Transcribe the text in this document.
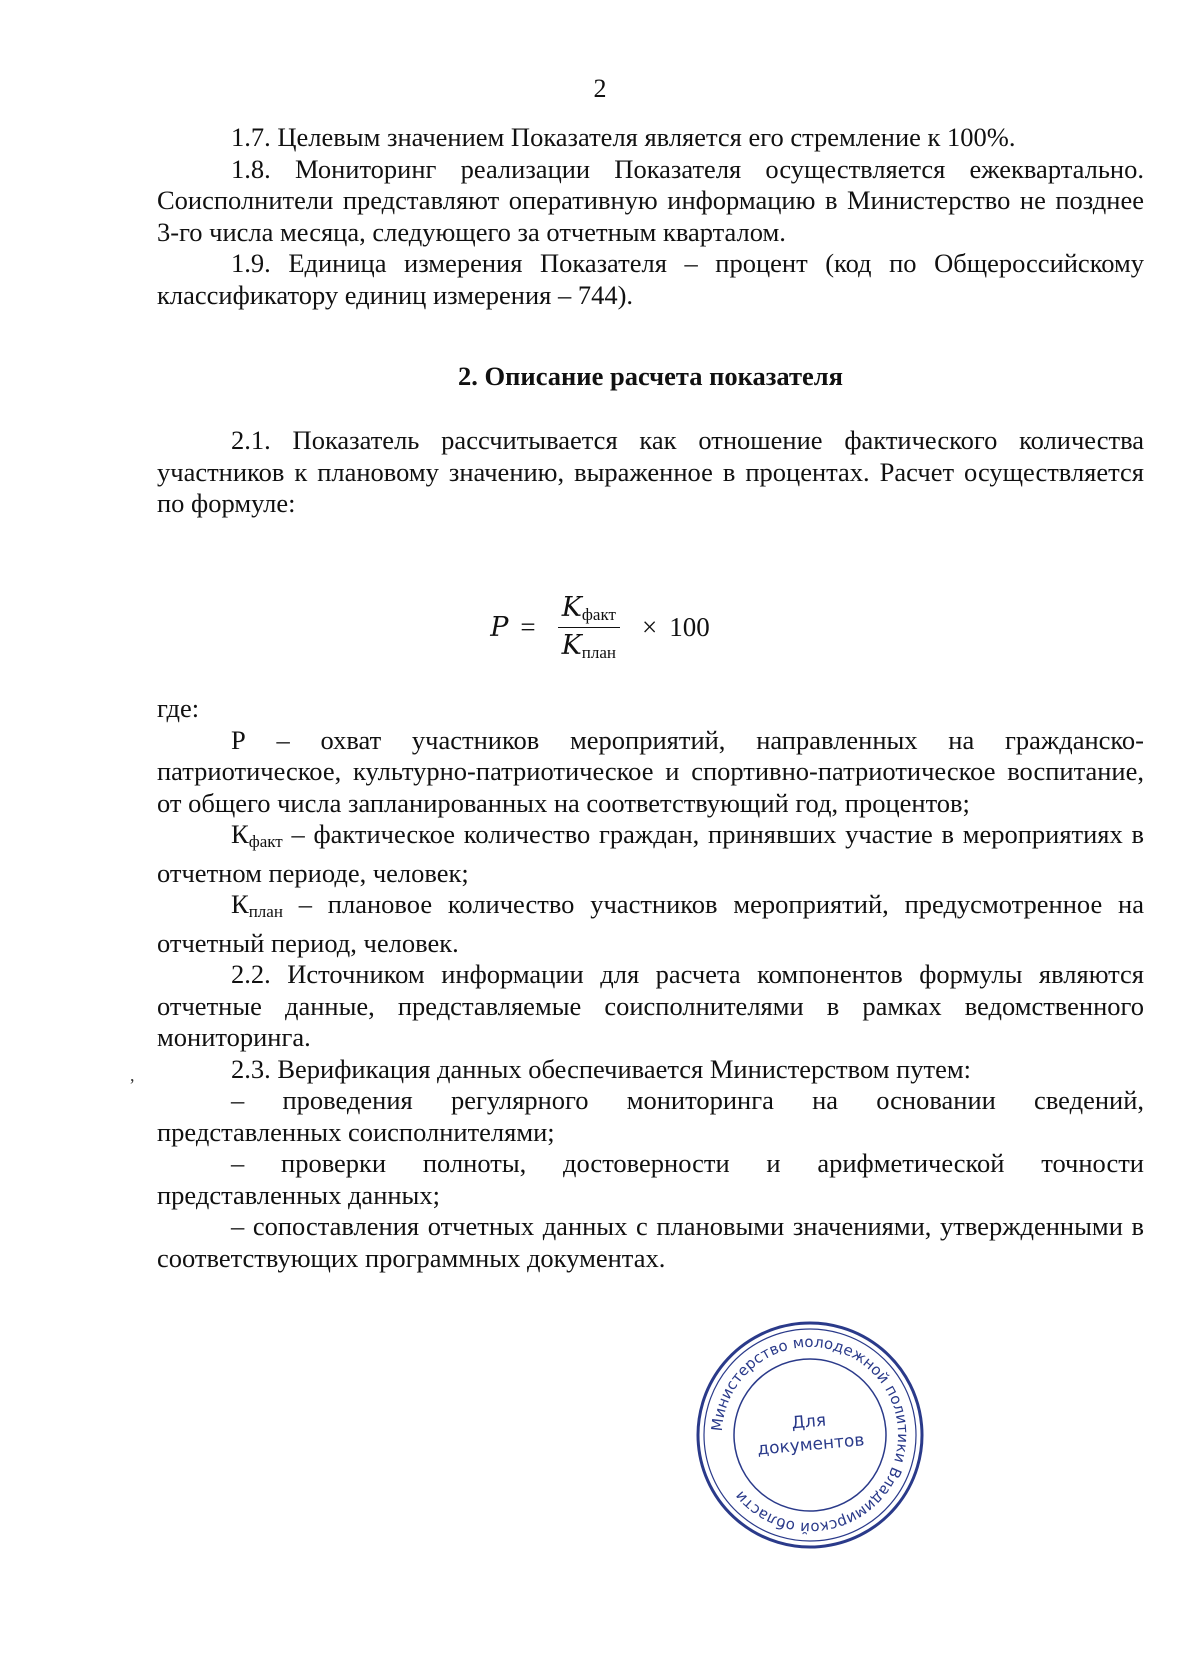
2

1.7. Целевым значением Показателя является его стремление к 100%.

1.8. Мониторинг реализации Показателя осуществляется ежеквартально. Соисполнители представляют оперативную информацию в Министерство не позднее 3-го числа месяца, следующего за отчетным кварталом.

1.9. Единица измерения Показателя – процент (код по Общероссийскому классификатору единиц измерения – 744).

2. Описание расчета показателя

2.1. Показатель рассчитывается как отношение фактического количества участников к плановому значению, выраженное в процентах. Расчет осуществляется по формуле:

$P = \frac{K_{факт}}{K_{план}} \times 100$

где:

Р – охват участников мероприятий, направленных на гражданско-патриотическое, культурно-патриотическое и спортивно-патриотическое воспитание, от общего числа запланированных на соответствующий год, процентов;

$К_{факт}$ – фактическое количество граждан, принявших участие в мероприятиях в отчетном периоде, человек;

$К_{план}$ – плановое количество участников мероприятий, предусмотренное на отчетный период, человек.

2.2. Источником информации для расчета компонентов формулы являются отчетные данные, представляемые соисполнителями в рамках ведомственного мониторинга.

2.3. Верификация данных обеспечивается Министерством путем:

– проведения регулярного мониторинга на основании сведений, представленных соисполнителями;

– проверки полноты, достоверности и арифметической точности представленных данных;

– сопоставления отчетных данных с плановыми значениями, утвержденными в соответствующих программных документах.

,
Министерство молодежной политики Владимирской области
Для
документов
